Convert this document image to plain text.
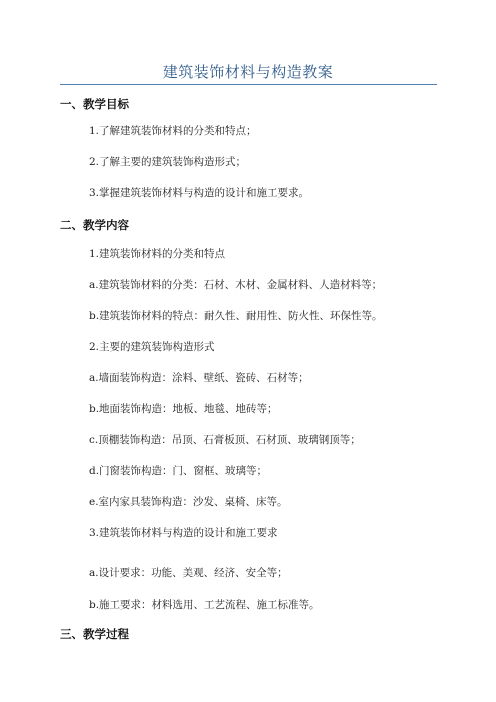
建筑装饰材料与构造教案
一、教学目标
1.了解建筑装饰材料的分类和特点；
2.了解主要的建筑装饰构造形式；
3.掌握建筑装饰材料与构造的设计和施工要求。
二、教学内容
1.建筑装饰材料的分类和特点
a.建筑装饰材料的分类：石材、木材、金属材料、人造材料等；
b.建筑装饰材料的特点：耐久性、耐用性、防火性、环保性等。
2.主要的建筑装饰构造形式
a.墙面装饰构造：涂料、壁纸、瓷砖、石材等；
b.地面装饰构造：地板、地毯、地砖等；
c.顶棚装饰构造：吊顶、石膏板顶、石材顶、玻璃钢顶等；
d.门窗装饰构造：门、窗框、玻璃等；
e.室内家具装饰构造：沙发、桌椅、床等。
3.建筑装饰材料与构造的设计和施工要求
a.设计要求：功能、美观、经济、安全等；
b.施工要求：材料选用、工艺流程、施工标准等。
三、教学过程
